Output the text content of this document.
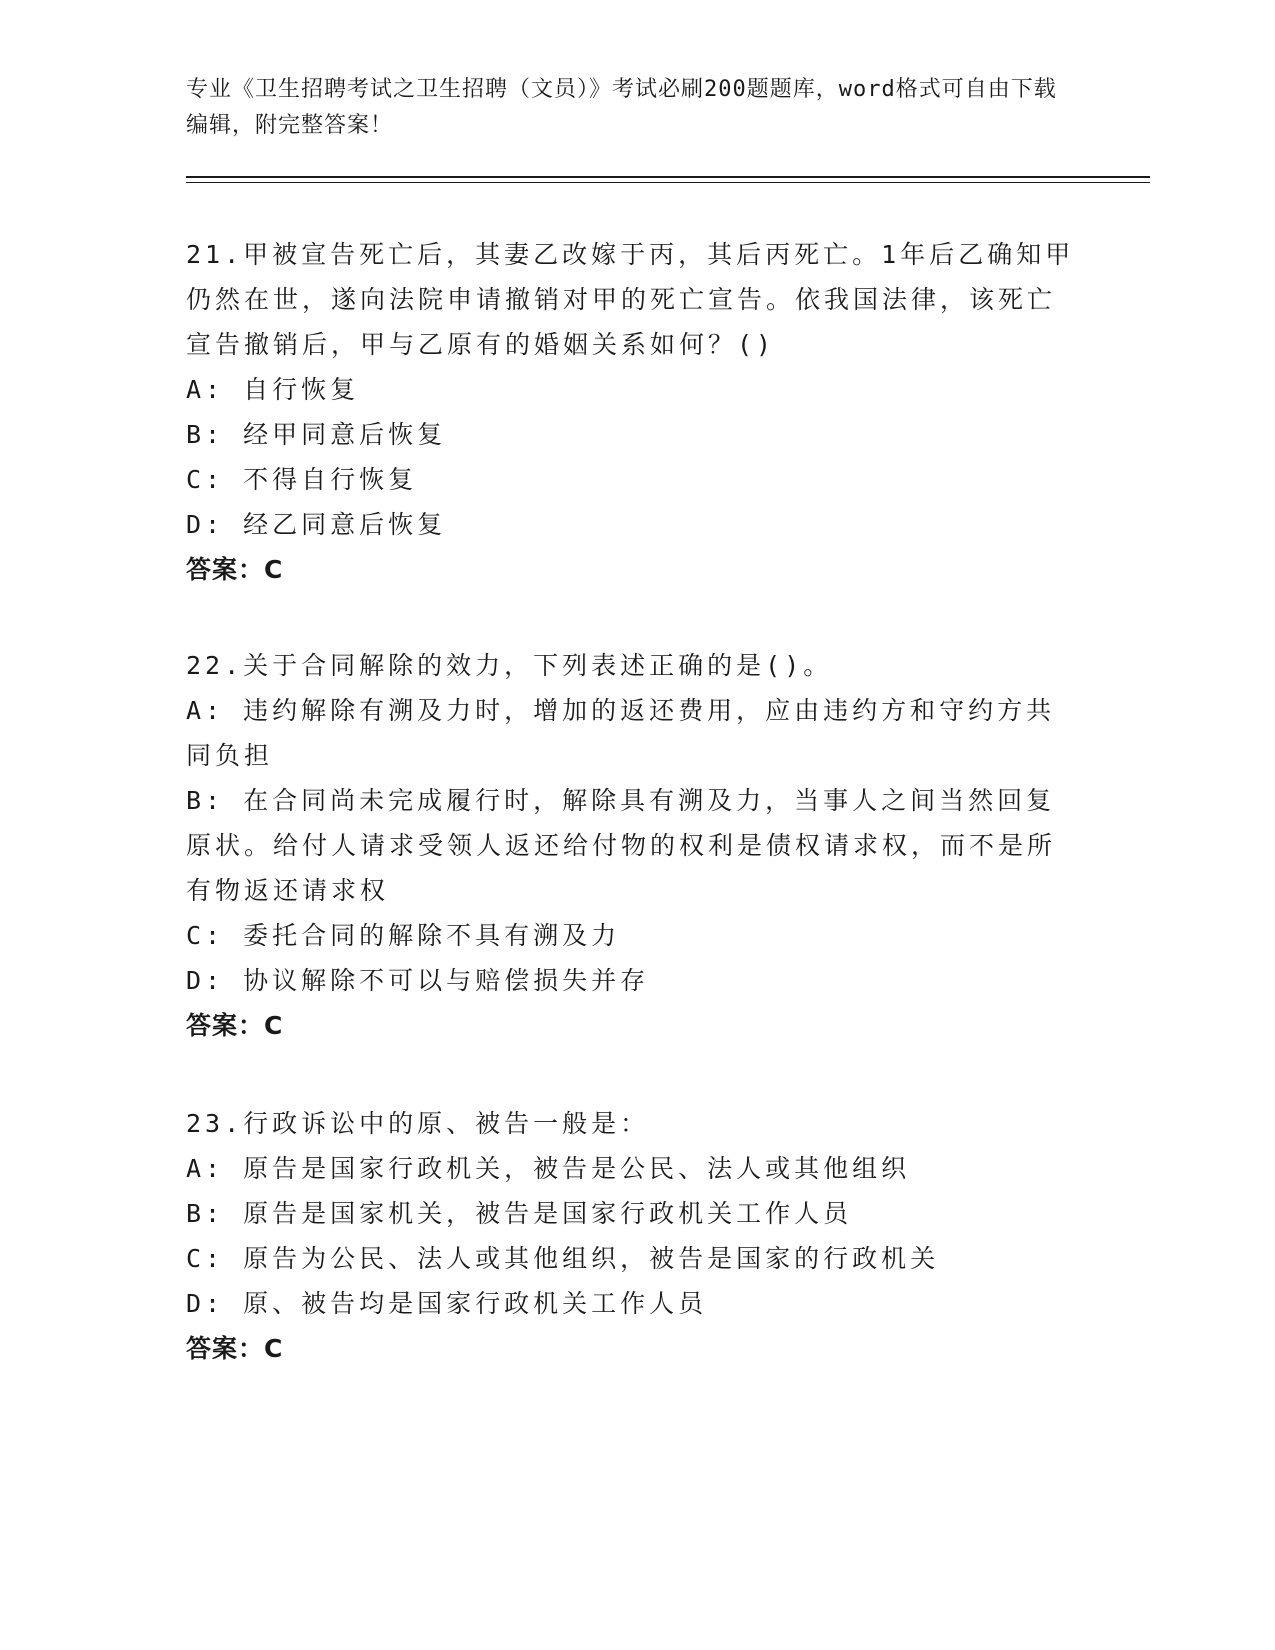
专业《卫生招聘考试之卫生招聘（文员）》考试必刷200题题库，word格式可自由下载编辑，附完整答案！
21.甲被宣告死亡后，其妻乙改嫁于丙，其后丙死亡。1年后乙确知甲仍然在世，遂向法院申请撤销对甲的死亡宣告。依我国法律，该死亡宣告撤销后，甲与乙原有的婚姻关系如何？()
A: 自行恢复
B: 经甲同意后恢复
C: 不得自行恢复
D: 经乙同意后恢复
答案：C
22.关于合同解除的效力，下列表述正确的是()。
A: 违约解除有溯及力时，增加的返还费用，应由违约方和守约方共同负担
B: 在合同尚未完成履行时，解除具有溯及力，当事人之间当然回复原状。给付人请求受领人返还给付物的权利是债权请求权，而不是所有物返还请求权
C: 委托合同的解除不具有溯及力
D: 协议解除不可以与赔偿损失并存
答案：C
23.行政诉讼中的原、被告一般是：
A: 原告是国家行政机关，被告是公民、法人或其他组织
B: 原告是国家机关，被告是国家行政机关工作人员
C: 原告为公民、法人或其他组织，被告是国家的行政机关
D: 原、被告均是国家行政机关工作人员
答案：C
